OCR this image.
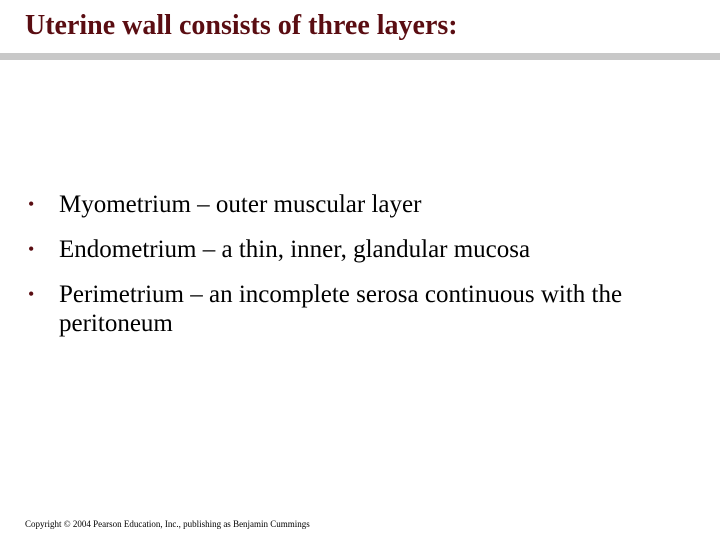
Uterine wall consists of three layers:
• Myometrium – outer muscular layer
• Endometrium – a thin, inner, glandular mucosa
• Perimetrium – an incomplete serosa continuous with the peritoneum
Copyright © 2004 Pearson Education, Inc., publishing as Benjamin Cummings
